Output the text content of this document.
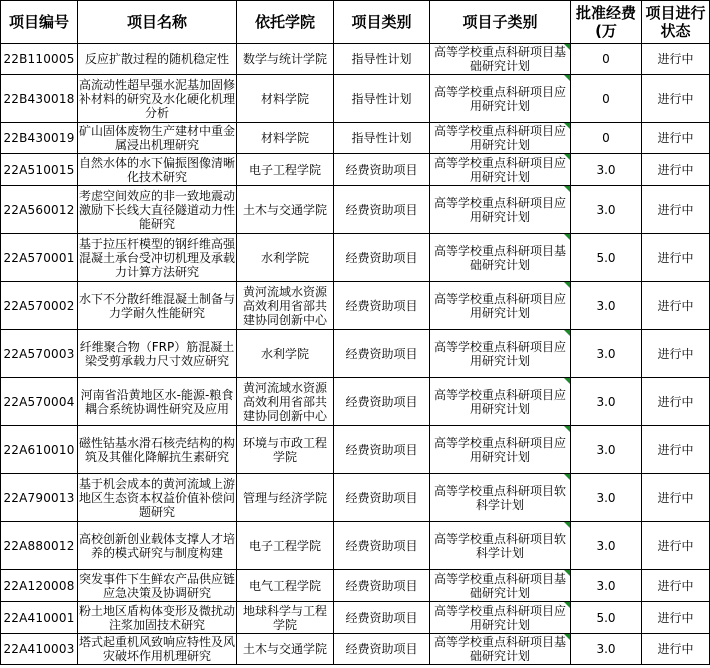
项目编号	项目名称	依托学院	项目类别	项目子类别	批准经费(万	项目进行状态
22B110005	反应扩散过程的随机稳定性	数学与统计学院	指导性计划	高等学校重点科研项目基础研究计划	0	进行中
22B430018	高流动性超早强水泥基加固修补材料的研究及水化硬化机理分析	材料学院	指导性计划	高等学校重点科研项目应用研究计划	0	进行中
22B430019	矿山固体废物生产建材中重金属浸出机理研究	材料学院	指导性计划	高等学校重点科研项目应用研究计划	0	进行中
22A510015	自然水体的水下偏振图像清晰化技术研究	电子工程学院	经费资助项目	高等学校重点科研项目应用研究计划	3.0	进行中
22A560012	考虑空间效应的非一致地震动激励下长线大直径隧道动力性能研究	土木与交通学院	经费资助项目	高等学校重点科研项目应用研究计划	3.0	进行中
22A570001	基于拉压杆模型的钢纤维高强混凝土承台受冲切机理及承载力计算方法研究	水利学院	经费资助项目	高等学校重点科研项目基础研究计划	5.0	进行中
22A570002	水下不分散纤维混凝土制备与力学耐久性能研究	黄河流域水资源高效利用省部共建协同创新中心	经费资助项目	高等学校重点科研项目应用研究计划	3.0	进行中
22A570003	纤维聚合物（FRP）筋混凝土梁受剪承载力尺寸效应研究	水利学院	经费资助项目	高等学校重点科研项目应用研究计划	3.0	进行中
22A570004	河南省沿黄地区水-能源-粮食耦合系统协调性研究及应用	黄河流域水资源高效利用省部共建协同创新中心	经费资助项目	高等学校重点科研项目应用研究计划	3.0	进行中
22A610010	磁性钴基水滑石核壳结构的构筑及其催化降解抗生素研究	环境与市政工程学院	经费资助项目	高等学校重点科研项目应用研究计划	3.0	进行中
22A790013	基于机会成本的黄河流域上游地区生态资本权益价值补偿问题研究	管理与经济学院	经费资助项目	高等学校重点科研项目软科学计划	3.0	进行中
22A880012	高校创新创业载体支撑人才培养的模式研究与制度构建	电子工程学院	经费资助项目	高等学校重点科研项目软科学计划	3.0	进行中
22A120008	突发事件下生鲜农产品供应链应急决策及协调研究	电气工程学院	经费资助项目	高等学校重点科研项目基础研究计划	3.0	进行中
22A410001	粉土地区盾构体变形及微扰动注浆加固技术研究	地球科学与工程学院	经费资助项目	高等学校重点科研项目应用研究计划	5.0	进行中
22A410003	塔式起重机风致响应特性及风灾破坏作用机理研究	土木与交通学院	经费资助项目	高等学校重点科研项目基础研究计划	3.0	进行中
